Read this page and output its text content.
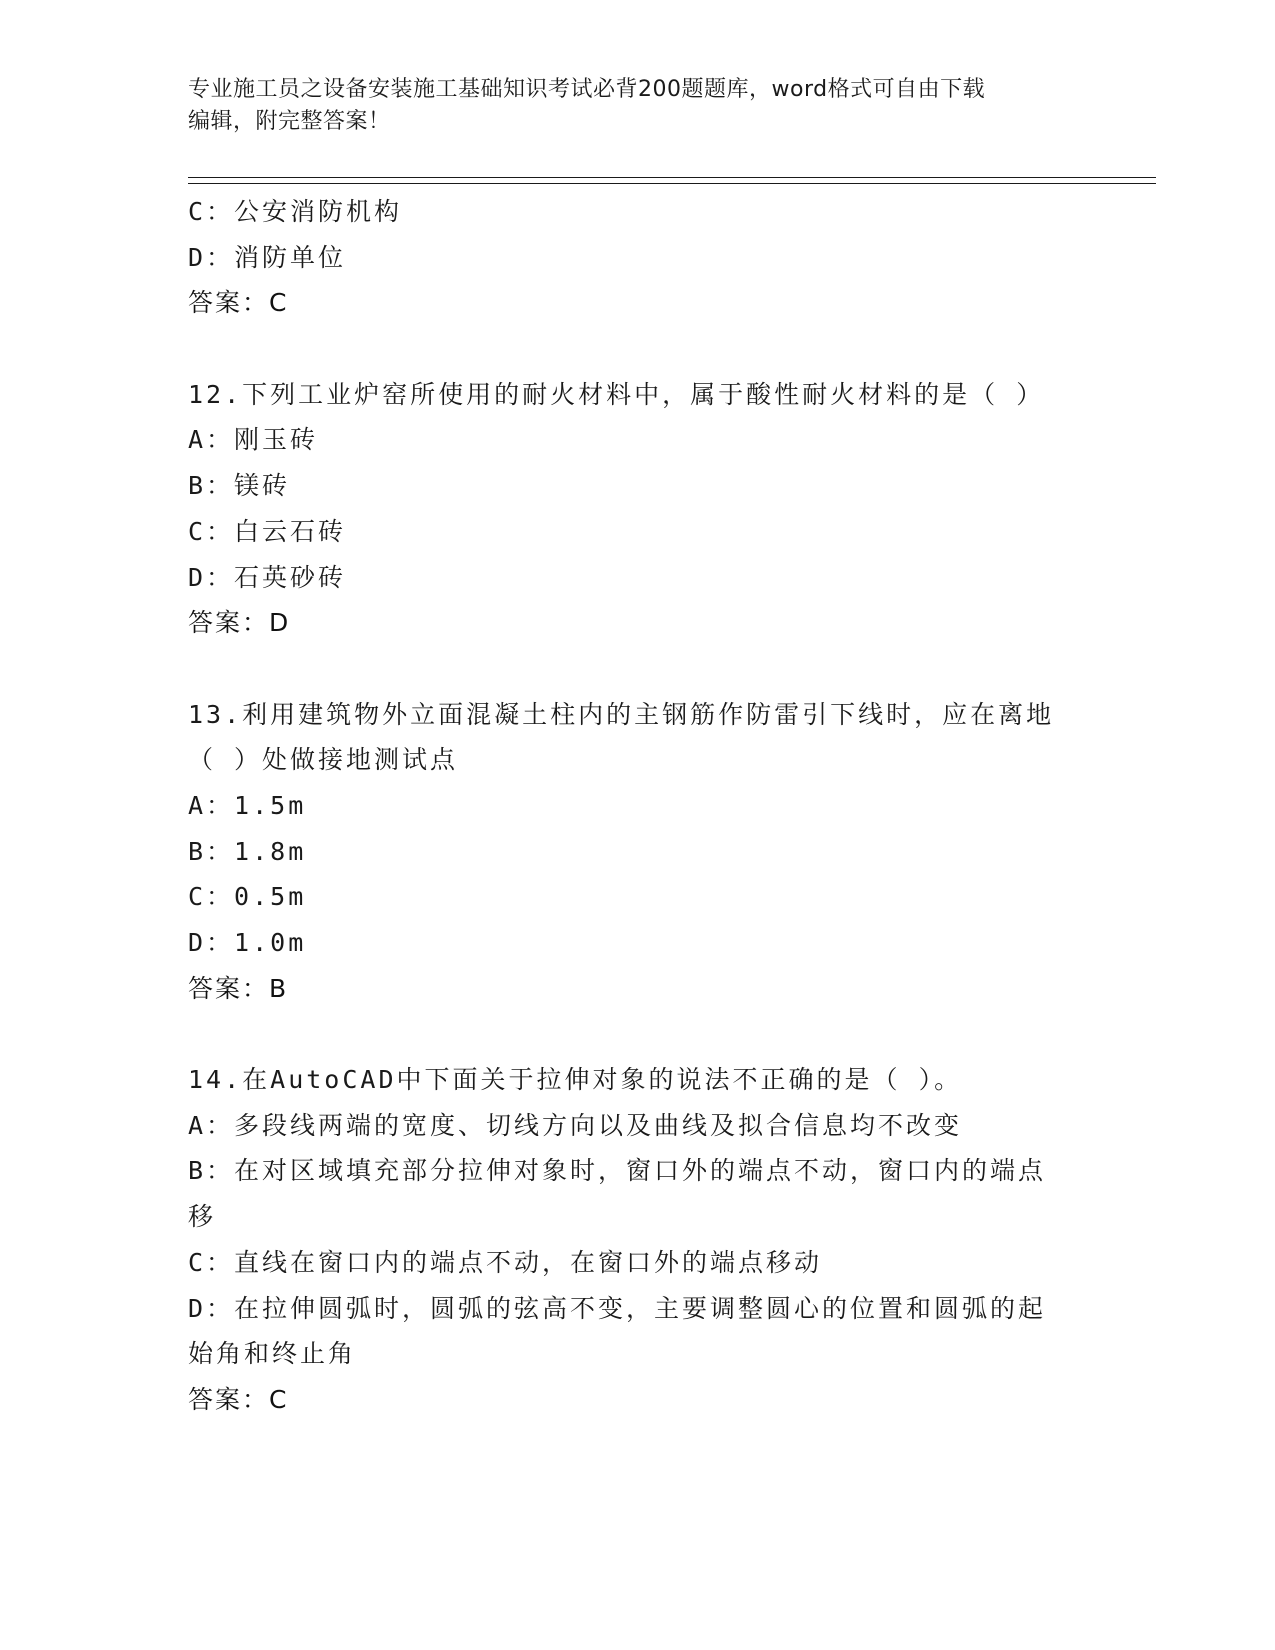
专业施工员之设备安装施工基础知识考试必背200题题库，word格式可自由下载
编辑，附完整答案！
C：公安消防机构
D：消防单位
答案：C
12.下列工业炉窑所使用的耐火材料中，属于酸性耐火材料的是（ ）
A：刚玉砖
B：镁砖
C：白云石砖
D：石英砂砖
答案：D
13.利用建筑物外立面混凝土柱内的主钢筋作防雷引下线时，应在离地
（ ）处做接地测试点
A：1.5m
B：1.8m
C：0.5m
D：1.0m
答案：B
14.在AutoCAD中下面关于拉伸对象的说法不正确的是（ ）。
A：多段线两端的宽度、切线方向以及曲线及拟合信息均不改变
B：在对区域填充部分拉伸对象时，窗口外的端点不动，窗口内的端点
移
C：直线在窗口内的端点不动，在窗口外的端点移动
D：在拉伸圆弧时，圆弧的弦高不变，主要调整圆心的位置和圆弧的起
始角和终止角
答案：C
